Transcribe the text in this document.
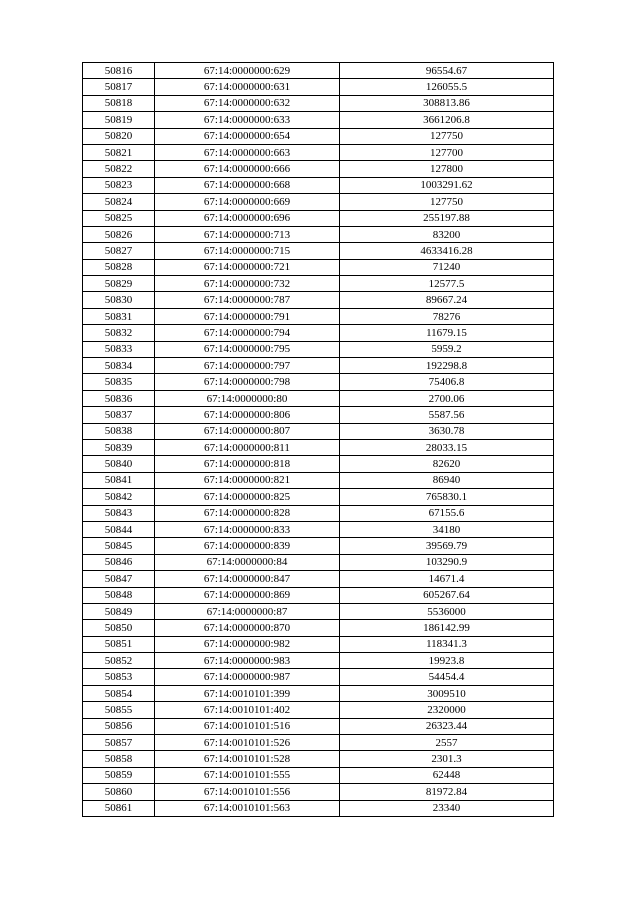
50816	67:14:0000000:629	96554.67
50817	67:14:0000000:631	126055.5
50818	67:14:0000000:632	308813.86
50819	67:14:0000000:633	3661206.8
50820	67:14:0000000:654	127750
50821	67:14:0000000:663	127700
50822	67:14:0000000:666	127800
50823	67:14:0000000:668	1003291.62
50824	67:14:0000000:669	127750
50825	67:14:0000000:696	255197.88
50826	67:14:0000000:713	83200
50827	67:14:0000000:715	4633416.28
50828	67:14:0000000:721	71240
50829	67:14:0000000:732	12577.5
50830	67:14:0000000:787	89667.24
50831	67:14:0000000:791	78276
50832	67:14:0000000:794	11679.15
50833	67:14:0000000:795	5959.2
50834	67:14:0000000:797	192298.8
50835	67:14:0000000:798	75406.8
50836	67:14:0000000:80	2700.06
50837	67:14:0000000:806	5587.56
50838	67:14:0000000:807	3630.78
50839	67:14:0000000:811	28033.15
50840	67:14:0000000:818	82620
50841	67:14:0000000:821	86940
50842	67:14:0000000:825	765830.1
50843	67:14:0000000:828	67155.6
50844	67:14:0000000:833	34180
50845	67:14:0000000:839	39569.79
50846	67:14:0000000:84	103290.9
50847	67:14:0000000:847	14671.4
50848	67:14:0000000:869	605267.64
50849	67:14:0000000:87	5536000
50850	67:14:0000000:870	186142.99
50851	67:14:0000000:982	118341.3
50852	67:14:0000000:983	19923.8
50853	67:14:0000000:987	54454.4
50854	67:14:0010101:399	3009510
50855	67:14:0010101:402	2320000
50856	67:14:0010101:516	26323.44
50857	67:14:0010101:526	2557
50858	67:14:0010101:528	2301.3
50859	67:14:0010101:555	62448
50860	67:14:0010101:556	81972.84
50861	67:14:0010101:563	23340
